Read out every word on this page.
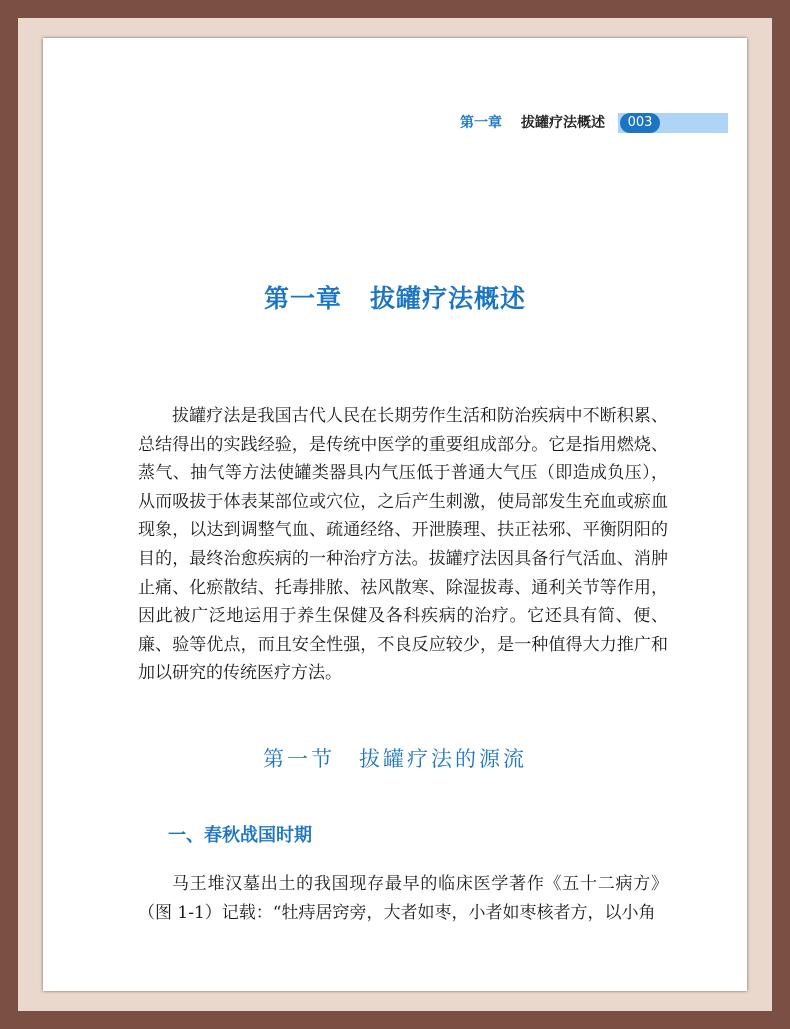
第一章 拔罐疗法概述	003
第一章 拔罐疗法概述

拔罐疗法是我国古代人民在长期劳作生活和防治疾病中不断积累、总结得出的实践经验，是传统中医学的重要组成部分。它是指用燃烧、蒸气、抽气等方法使罐类器具内气压低于普通大气压（即造成负压），从而吸拔于体表某部位或穴位，之后产生刺激，使局部发生充血或瘀血现象，以达到调整气血、疏通经络、开泄腠理、扶正祛邪、平衡阴阳的目的，最终治愈疾病的一种治疗方法。拔罐疗法因具备行气活血、消肿止痛、化瘀散结、托毒排脓、祛风散寒、除湿拔毒、通利关节等作用，因此被广泛地运用于养生保健及各科疾病的治疗。它还具有简、便、廉、验等优点，而且安全性强，不良反应较少，是一种值得大力推广和加以研究的传统医疗方法。

第一节 拔罐疗法的源流
一、春秋战国时期

马王堆汉墓出土的我国现存最早的临床医学著作《五十二病方》（图 1-1）记载：“牡痔居窍旁，大者如枣，小者如枣核者方，以小角
